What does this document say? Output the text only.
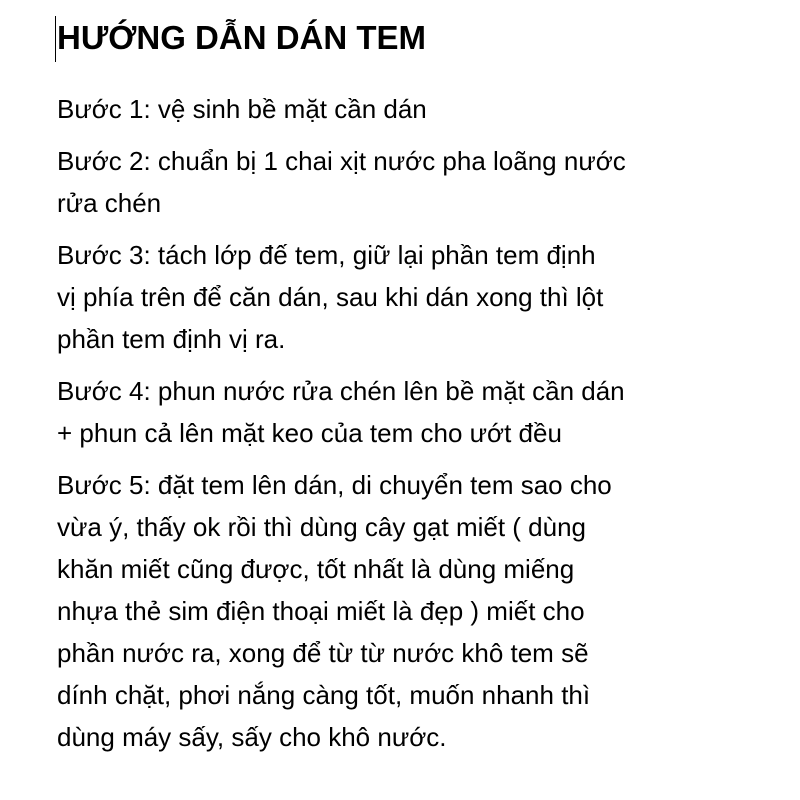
HƯỚNG DẪN DÁN TEM
Bước 1: vệ sinh bề mặt cần dán
Bước 2: chuẩn bị 1 chai xịt nước pha loãng nước
rửa chén
Bước 3: tách lớp đế tem, giữ lại phần tem định
vị phía trên để căn dán, sau khi dán xong thì lột
phần tem định vị ra.
Bước 4: phun nước rửa chén lên bề mặt cần dán
+ phun cả lên mặt keo của tem cho ướt đều
Bước 5: đặt tem lên dán, di chuyển tem sao cho
vừa ý, thấy ok rồi thì dùng cây gạt miết ( dùng
khăn miết cũng được, tốt nhất là dùng miếng
nhựa thẻ sim điện thoại miết là đẹp ) miết cho
phần nước ra, xong để từ từ nước khô tem sẽ
dính chặt, phơi nắng càng tốt, muốn nhanh thì
dùng máy sấy, sấy cho khô nước.
